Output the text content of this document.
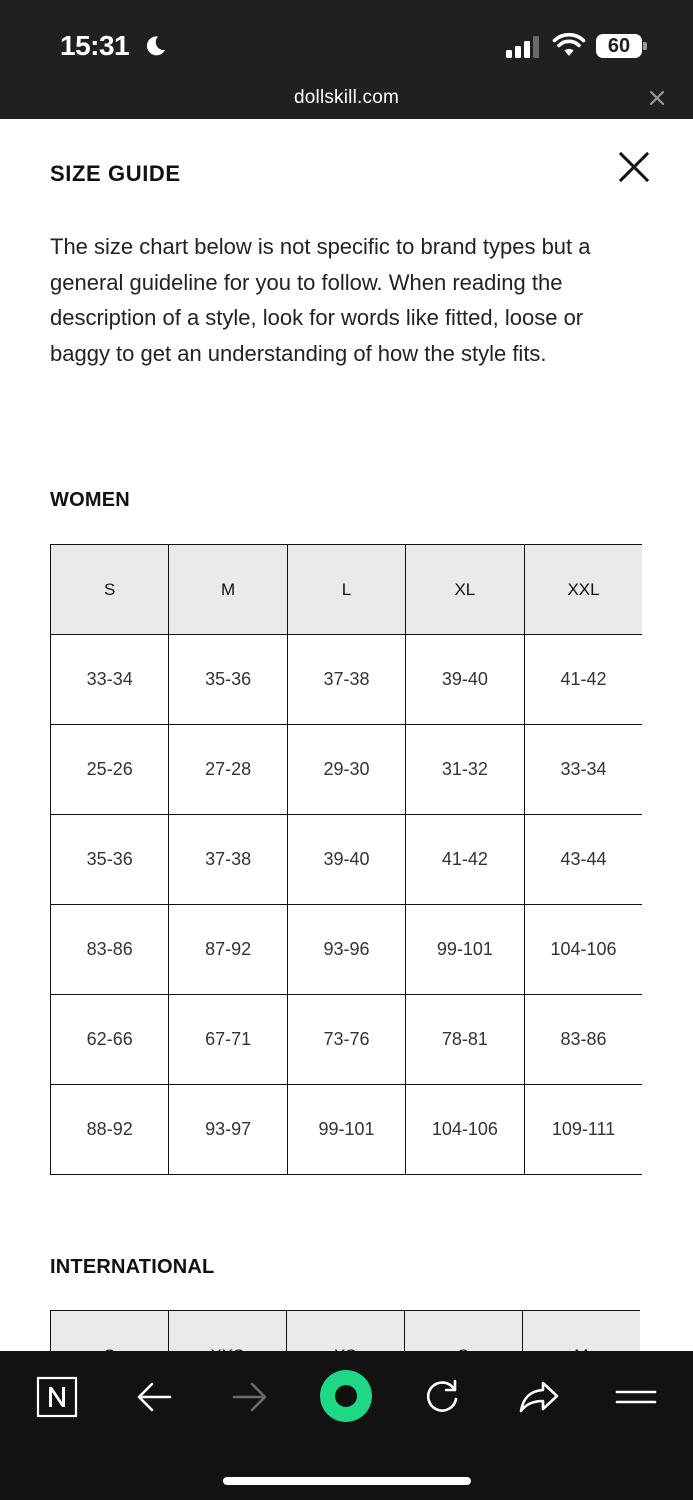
15:31	60
dollskill.com
SIZE GUIDE

The size chart below is not specific to brand types but a general guideline for you to follow. When reading the description of a style, look for words like fitted, loose or baggy to get an understanding of how the style fits.

WOMEN
S	M	L	XL	XXL
33-34	35-36	37-38	39-40	41-42
25-26	27-28	29-30	31-32	33-34
35-36	37-38	39-40	41-42	43-44
83-86	87-92	93-96	99-101	104-106
62-66	67-71	73-76	78-81	83-86
88-92	93-97	99-101	104-106	109-111
INTERNATIONAL
